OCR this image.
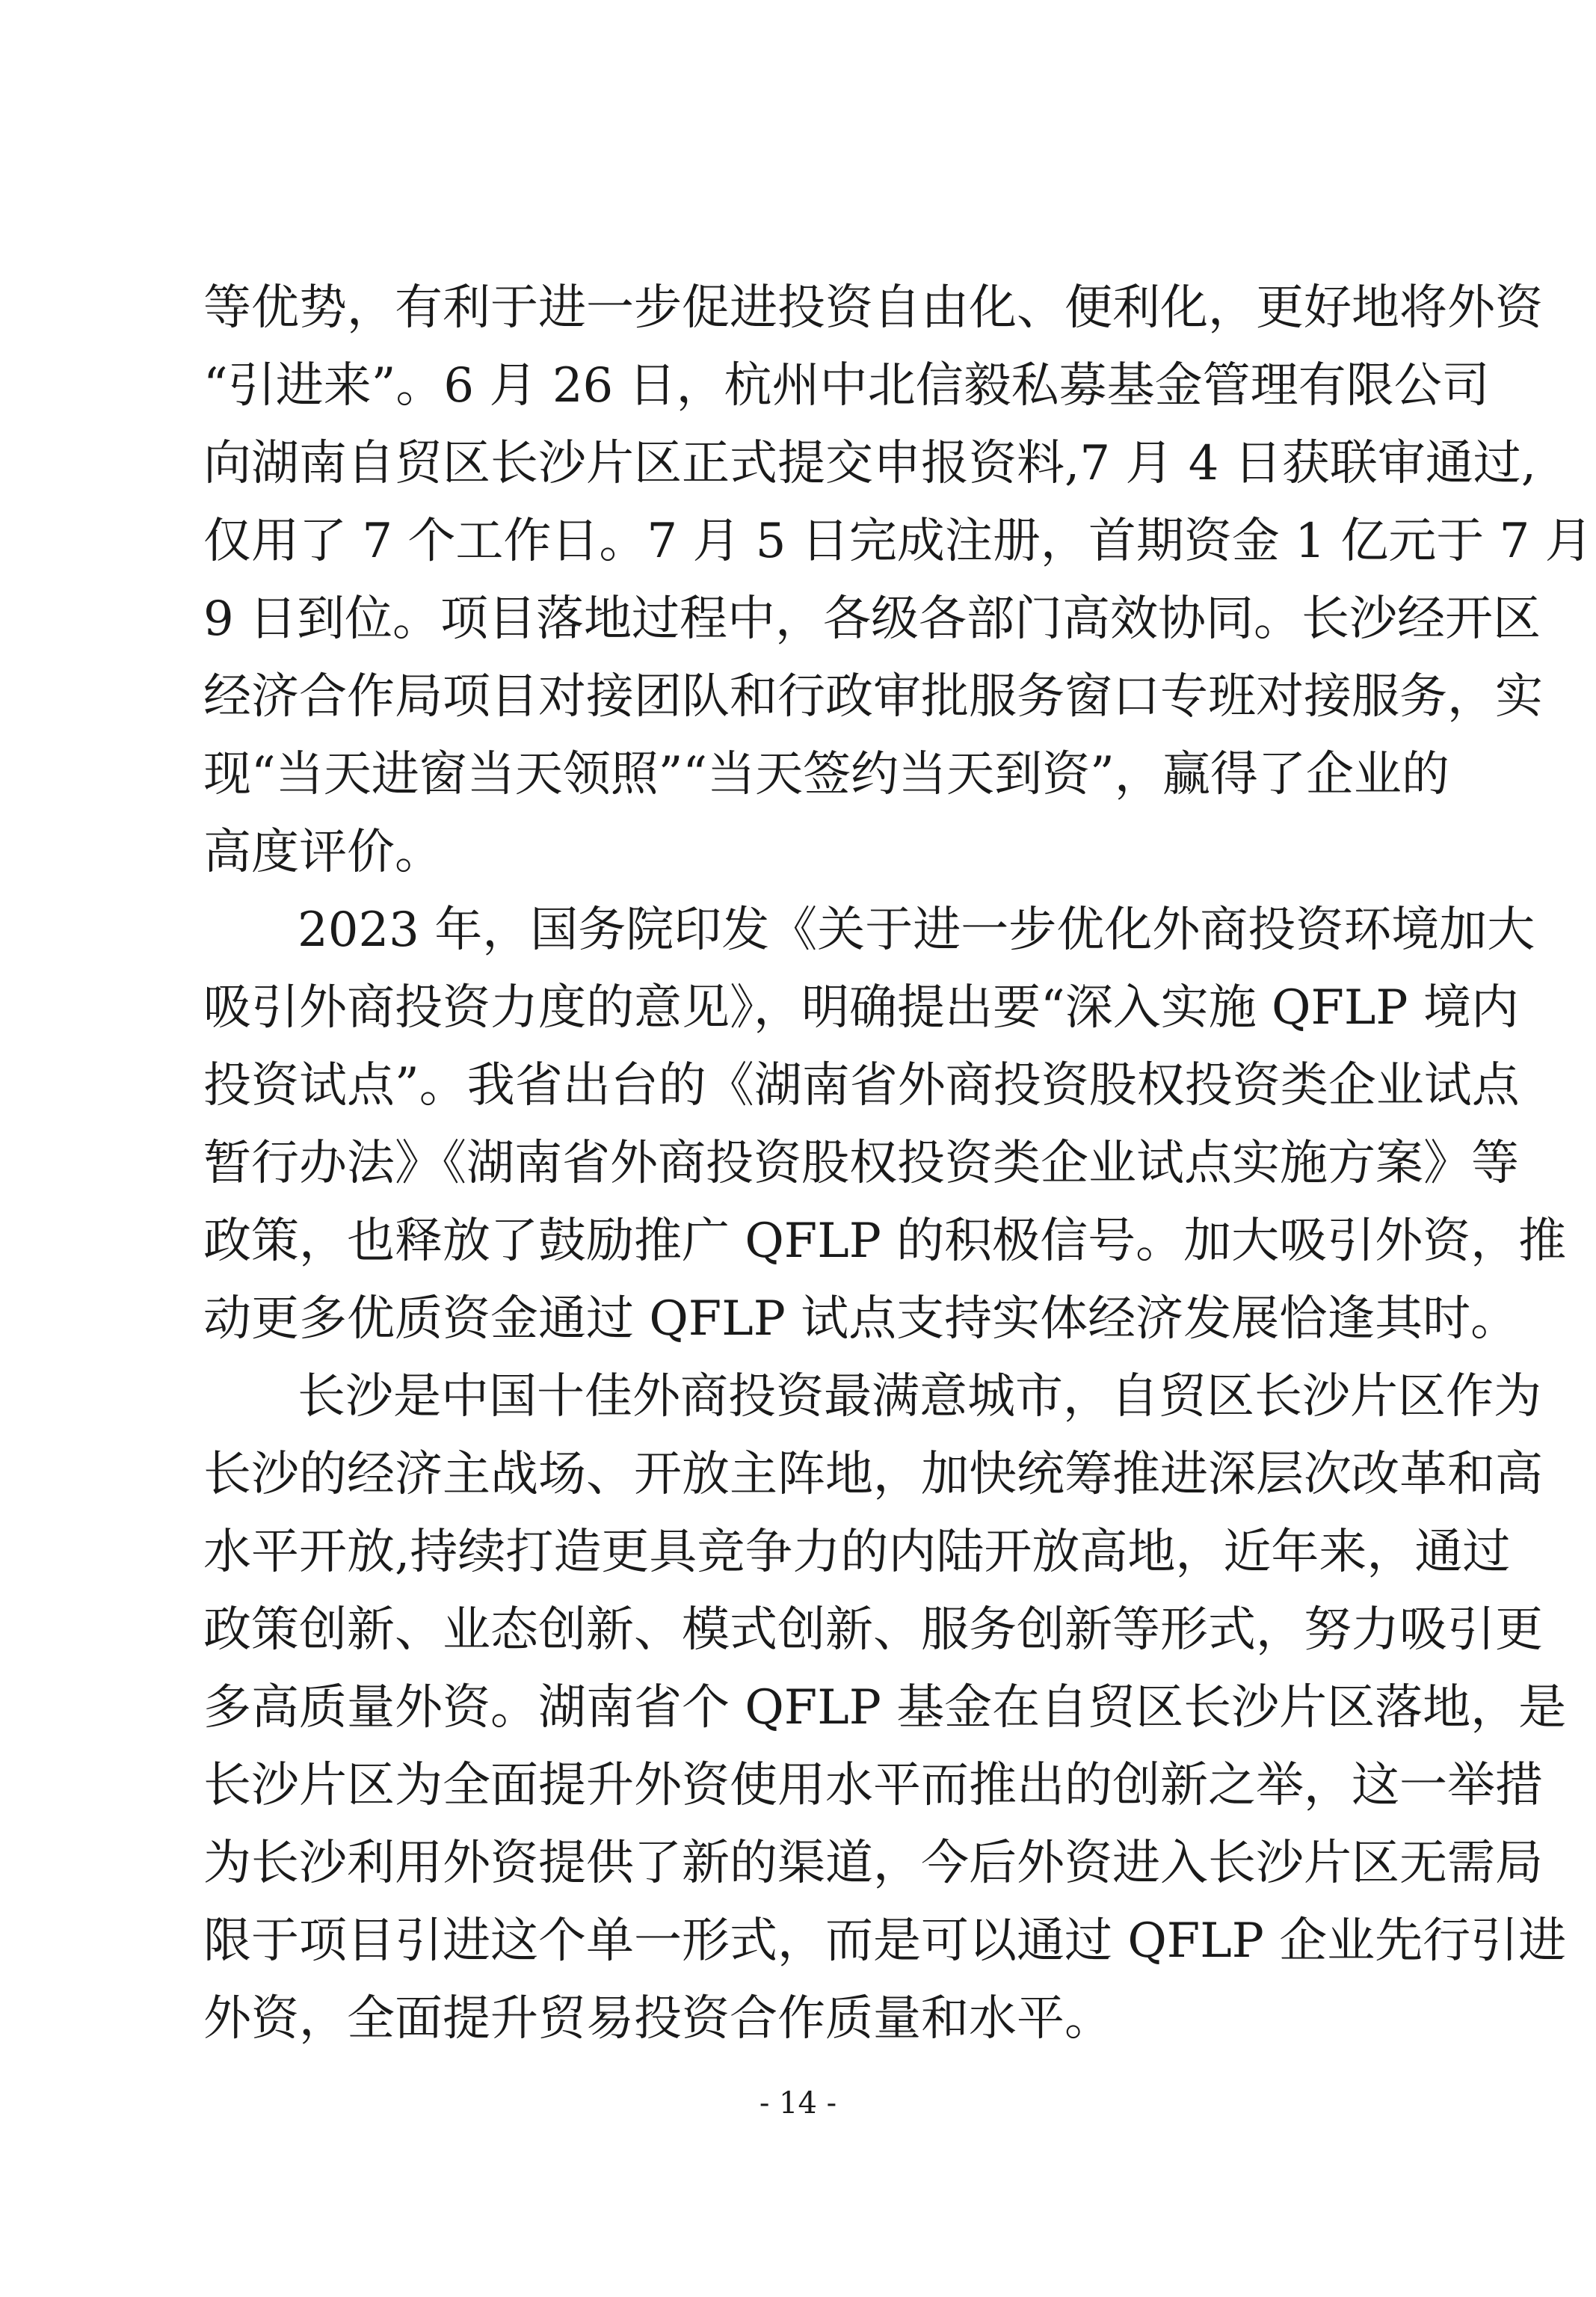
等优势，有利于进一步促进投资自由化、便利化，更好地将外资
“引进来”。6 月 26 日，杭州中北信毅私募基金管理有限公司
向湖南自贸区长沙片区正式提交申报资料,7 月 4 日获联审通过,
仅用了 7 个工作日。7 月 5 日完成注册，首期资金 1 亿元于 7 月
9 日到位。项目落地过程中，各级各部门高效协同。长沙经开区
经济合作局项目对接团队和行政审批服务窗口专班对接服务，实
现“当天进窗当天领照”“当天签约当天到资”，赢得了企业的
高度评价。
2023 年，国务院印发《关于进一步优化外商投资环境加大
吸引外商投资力度的意见》，明确提出要“深入实施 QFLP 境内
投资试点”。我省出台的《湖南省外商投资股权投资类企业试点
暂行办法》《湖南省外商投资股权投资类企业试点实施方案》等
政策，也释放了鼓励推广 QFLP 的积极信号。加大吸引外资，推
动更多优质资金通过 QFLP 试点支持实体经济发展恰逢其时。
长沙是中国十佳外商投资最满意城市，自贸区长沙片区作为
长沙的经济主战场、开放主阵地，加快统筹推进深层次改革和高
水平开放,持续打造更具竞争力的内陆开放高地，近年来，通过
政策创新、业态创新、模式创新、服务创新等形式，努力吸引更
多高质量外资。湖南省个 QFLP 基金在自贸区长沙片区落地，是
长沙片区为全面提升外资使用水平而推出的创新之举，这一举措
为长沙利用外资提供了新的渠道，今后外资进入长沙片区无需局
限于项目引进这个单一形式，而是可以通过 QFLP 企业先行引进
外资，全面提升贸易投资合作质量和水平。
- 14 -
